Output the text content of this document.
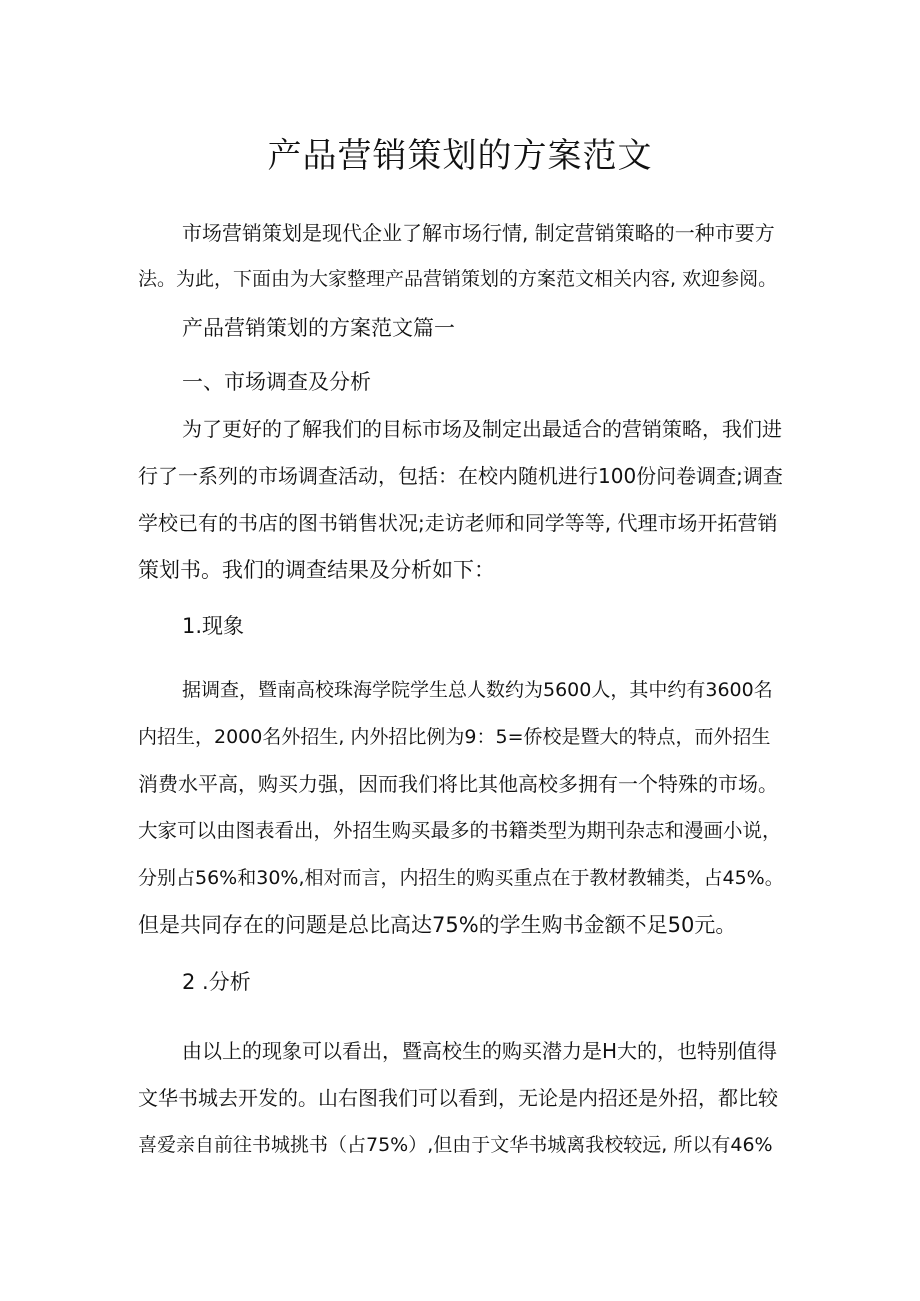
产品营销策划的方案范文
市场营销策划是现代企业了解市场行情, 制定营销策略的一种市要方
法。为此，下面由为大家整理产品营销策划的方案范文相关内容, 欢迎参阅。
产品营销策划的方案范文篇一
一、市场调查及分析
为了更好的了解我们的目标市场及制定出最适合的营销策略，我们进
行了一系列的市场调查活动，包括：在校内随机进行100份问卷调查;调查
学校已有的书店的图书销售状况;走访老师和同学等等, 代理市场开拓营销
策划书。我们的调查结果及分析如下：
1.现象
据调查，暨南高校珠海学院学生总人数约为5600人，其中约有3600名
内招生，2000名外招生, 内外招比例为9：5=侨校是暨大的特点，而外招生
消费水平高，购买力强，因而我们将比其他高校多拥有一个特殊的市场。
大家可以由图表看出，外招生购买最多的书籍类型为期刊杂志和漫画小说，
分别占56%和30%,相对而言，内招生的购买重点在于教材教辅类，占45%。
但是共同存在的问题是总比高达75%的学生购书金额不足50元。
2 .分析
由以上的现象可以看出，暨高校生的购买潜力是H大的，也特别值得
文华书城去开发的。山右图我们可以看到，无论是内招还是外招，都比较
喜爱亲自前往书城挑书（占75%）,但由于文华书城离我校较远, 所以有46%
